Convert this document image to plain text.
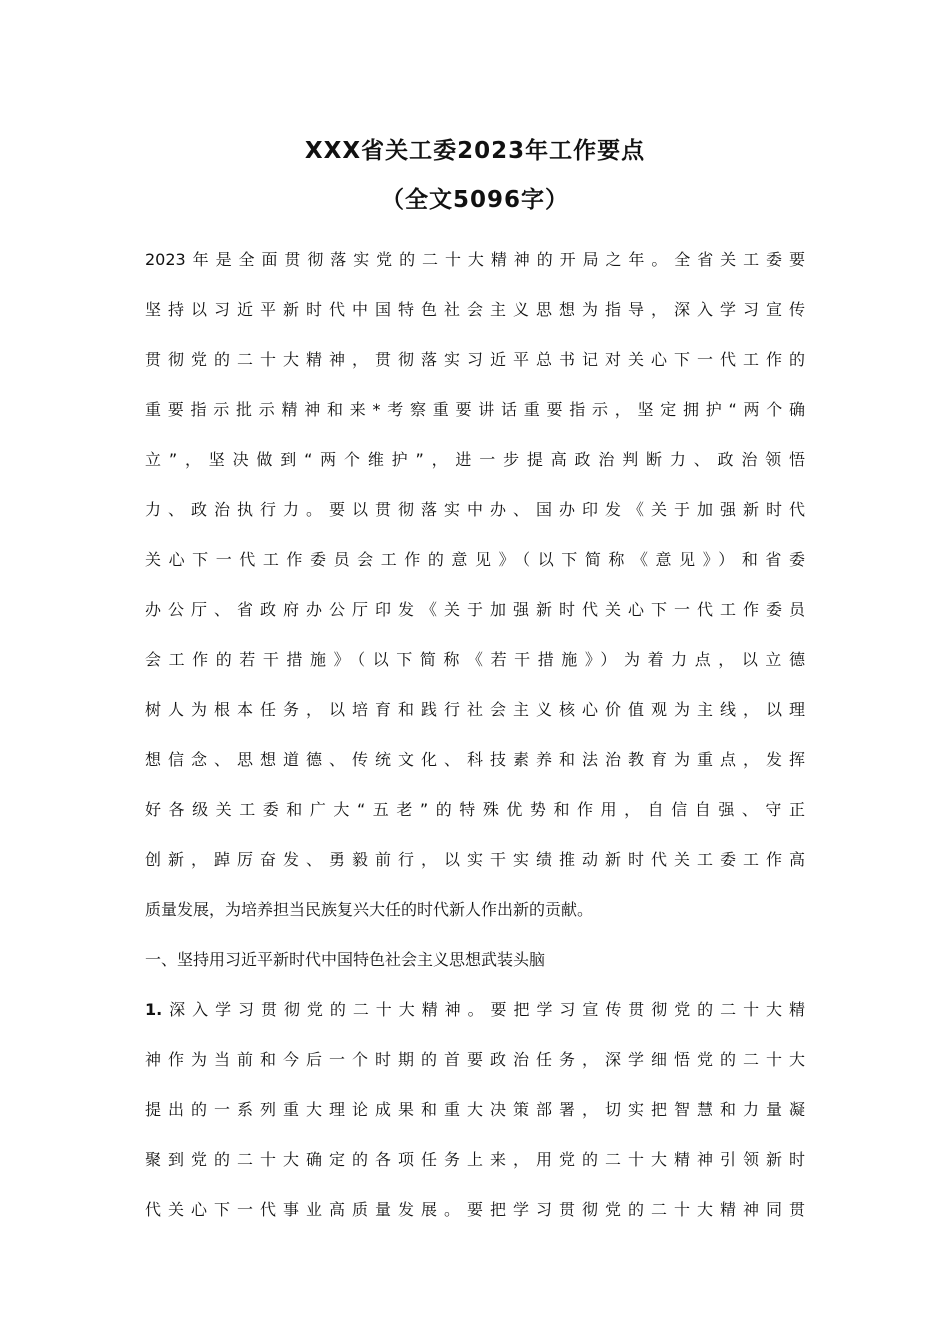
XXX省关工委2023年工作要点
（全文5096字）
2023年是全面贯彻落实党的二十大精神的开局之年。全省关工委要
坚持以习近平新时代中国特色社会主义思想为指导，深入学习宣传
贯彻党的二十大精神，贯彻落实习近平总书记对关心下一代工作的
重要指示批示精神和来*考察重要讲话重要指示，坚定拥护“两个确
立”，坚决做到“两个维护”，进一步提高政治判断力、政治领悟
力、政治执行力。要以贯彻落实中办、国办印发《关于加强新时代
关心下一代工作委员会工作的意见》（以下简称《意见》）和省委
办公厅、省政府办公厅印发《关于加强新时代关心下一代工作委员
会工作的若干措施》（以下简称《若干措施》）为着力点，以立德
树人为根本任务，以培育和践行社会主义核心价值观为主线，以理
想信念、思想道德、传统文化、科技素养和法治教育为重点，发挥
好各级关工委和广大“五老”的特殊优势和作用，自信自强、守正
创新，踔厉奋发、勇毅前行，以实干实绩推动新时代关工委工作高
质量发展，为培养担当民族复兴大任的时代新人作出新的贡献。
一、坚持用习近平新时代中国特色社会主义思想武装头脑
1.深入学习贯彻党的二十大精神。要把学习宣传贯彻党的二十大精
神作为当前和今后一个时期的首要政治任务，深学细悟党的二十大
提出的一系列重大理论成果和重大决策部署，切实把智慧和力量凝
聚到党的二十大确定的各项任务上来，用党的二十大精神引领新时
代关心下一代事业高质量发展。要把学习贯彻党的二十大精神同贯
